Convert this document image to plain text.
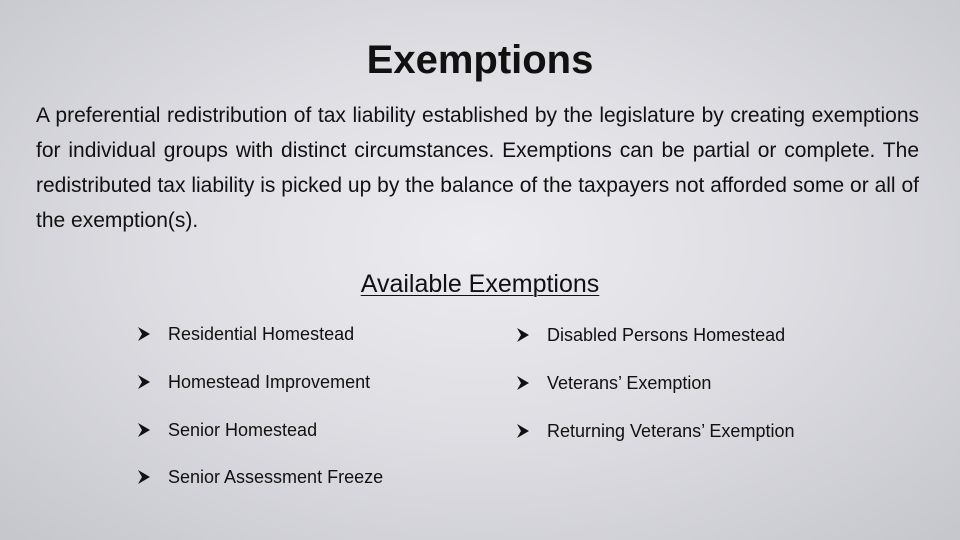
Exemptions
A preferential redistribution of tax liability established by the legislature by creating exemptions for individual groups with distinct circumstances. Exemptions can be partial or complete. The redistributed tax liability is picked up by the balance of the taxpayers not afforded some or all of the exemption(s).
Available Exemptions
Residential Homestead
Homestead Improvement
Senior Homestead
Senior Assessment Freeze
Disabled Persons Homestead
Veterans’ Exemption
Returning Veterans’ Exemption
